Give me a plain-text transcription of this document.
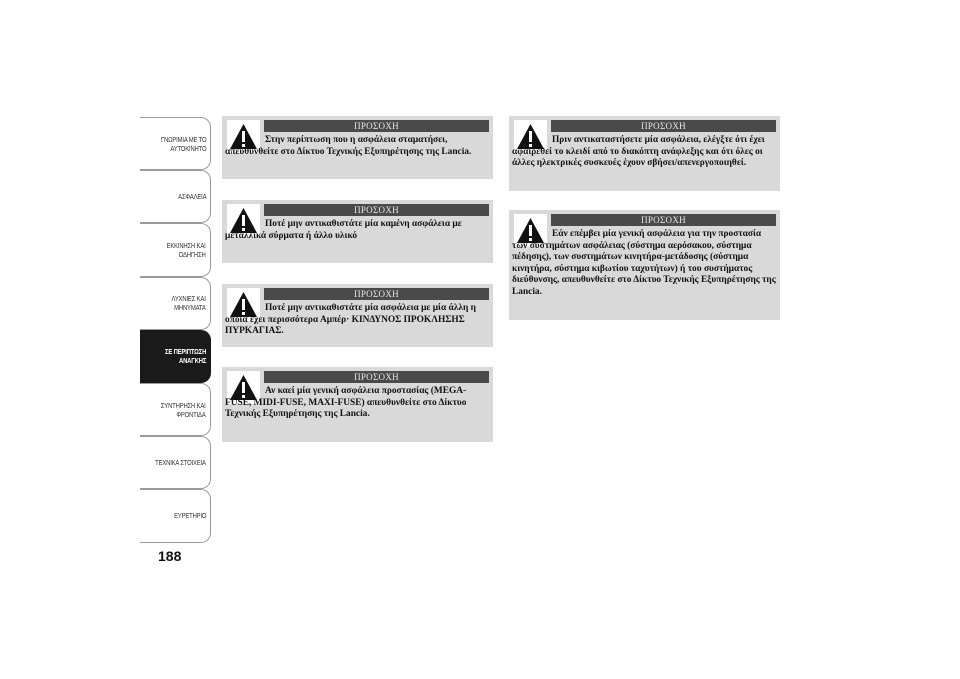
ΓΝΩΡΙΜΙΑ ΜΕ ΤΟ
ΑΥΤΟΚΙΝΗΤΟ
ΑΣΦΑΛΕΙΑ
ΕΚΚΙΝΗΣΗ ΚΑΙ
ΟΔΗΓΗΣΗ
ΛΥΧΝΙΕΣ ΚΑΙ
ΜΗΝΥΜΑΤΑ
ΣΕ ΠΕΡΙΠΤΩΣΗ
ΑΝΑΓΚΗΣ
ΣΥΝΤΗΡΗΣΗ ΚΑΙ
ΦΡΟΝΤΙΔΑ
ΤΕΧΝΙΚΑ ΣΤΟΙΧΕΙΑ
ΕΥΡΕΤΗΡΙΟ
188
ΠΡΟΣΟΧΗ
Στην περίπτωση που η ασφάλεια σταματήσει, απευθυνθείτε στο Δίκτυο Τεχνικής Εξυπηρέτησης της Lancia.
ΠΡΟΣΟΧΗ
Ποτέ μην αντικαθιστάτε μία καμένη ασφάλεια με μεταλλικά σύρματα ή άλλο υλικό
ΠΡΟΣΟΧΗ
Ποτέ μην αντικαθιστάτε μία ασφάλεια με μία άλλη η οποία έχει περισσότερα Αμπέρ· ΚΙΝΔΥΝΟΣ ΠΡΟΚΛΗΣΗΣ ΠΥΡΚΑΓΙΑΣ.
ΠΡΟΣΟΧΗ
Αν καεί μία γενική ασφάλεια προστασίας (MEGA-FUSE, MIDI-FUSE, MAXI-FUSE) απευθυνθείτε στο Δίκτυο Τεχνικής Εξυπηρέτησης της Lancia.
ΠΡΟΣΟΧΗ
Πριν αντικαταστήσετε μία ασφάλεια, ελέγξτε ότι έχει αφαιρεθεί το κλειδί από το διακόπτη ανάφλεξης και ότι όλες οι άλλες ηλεκτρικές συσκευές έχουν σβήσει/απενεργοποιηθεί.
ΠΡΟΣΟΧΗ
Εάν επέμβει μία γενική ασφάλεια για την προστασία των συστημάτων ασφάλειας (σύστημα αερόσακου, σύστημα πέδησης), των συστημάτων κινητήρα-μετάδοσης (σύστημα κινητήρα, σύστημα κιβωτίου ταχυτήτων) ή του συστήματος διεύθυνσης, απευθυνθείτε στο Δίκτυο Τεχνικής Εξυπηρέτησης της Lancia.
